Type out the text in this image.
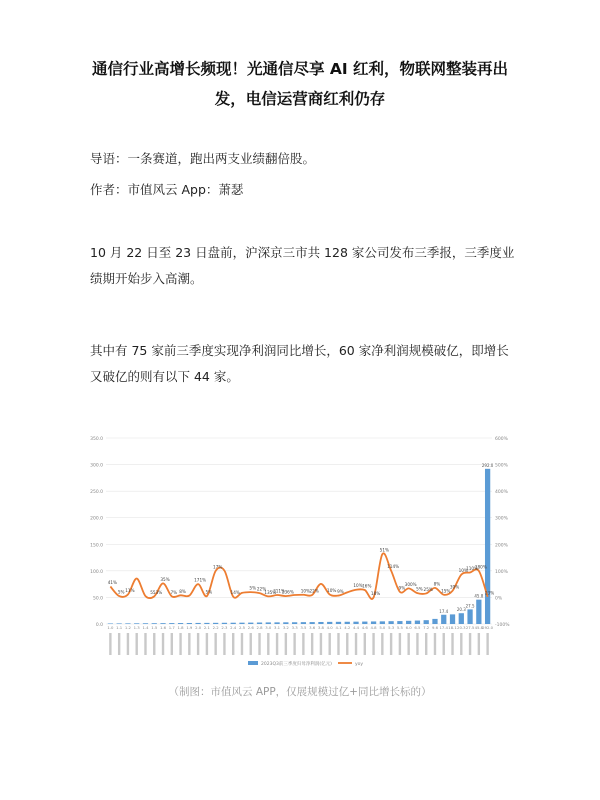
通信行业高增长频现！光通信尽享 AI 红利，物联网整装再出发，电信运营商红利仍存
导语：一条赛道，跑出两支业绩翻倍股。
作者：市值风云 App：萧瑟
10 月 22 日至 23 日盘前，沪深京三市共 128 家公司发布三季报，三季度业绩期开始步入高潮。
其中有 75 家前三季度实现净利润同比增长，60 家净利润规模破亿，即增长又破亿的则有以下 44 家。
0.0
50.0
100.0
150.0
200.0
250.0
300.0
350.0
-100%
0%
100%
200%
300%
400%
500%
600%
1.0 1.1 1.2 1.3 1.4 1.5 1.6 1.7 1.8 1.9 2.0 2.1 2.2 2.3 2.4 2.5 2.6 2.8 3.0 3.1 3.2 3.3 3.5 3.6 3.8 4.0 4.1 4.2 4.4 4.6 4.8 5.0 5.3 5.5 6.0 6.5 7.2 9.6 17.4 18.1 20.3 27.5 45.8 292.0
17.4 20.3
27.5
45.8
292.0
41%
5% 11%	553%
35%
7% 8%
171%
5%
17%
14%
5% 22%
135%
311%
236% 10% 22% 10% 9%
10% 16%
18%
51%
114%
9%
300%
5% 25%
8%
15%
39%
10%
110%
180%
23%
2023Q3前三季度归母净利润(亿元)	yoy
（制图：市值风云 APP，仅展规模过亿+同比增长标的）
